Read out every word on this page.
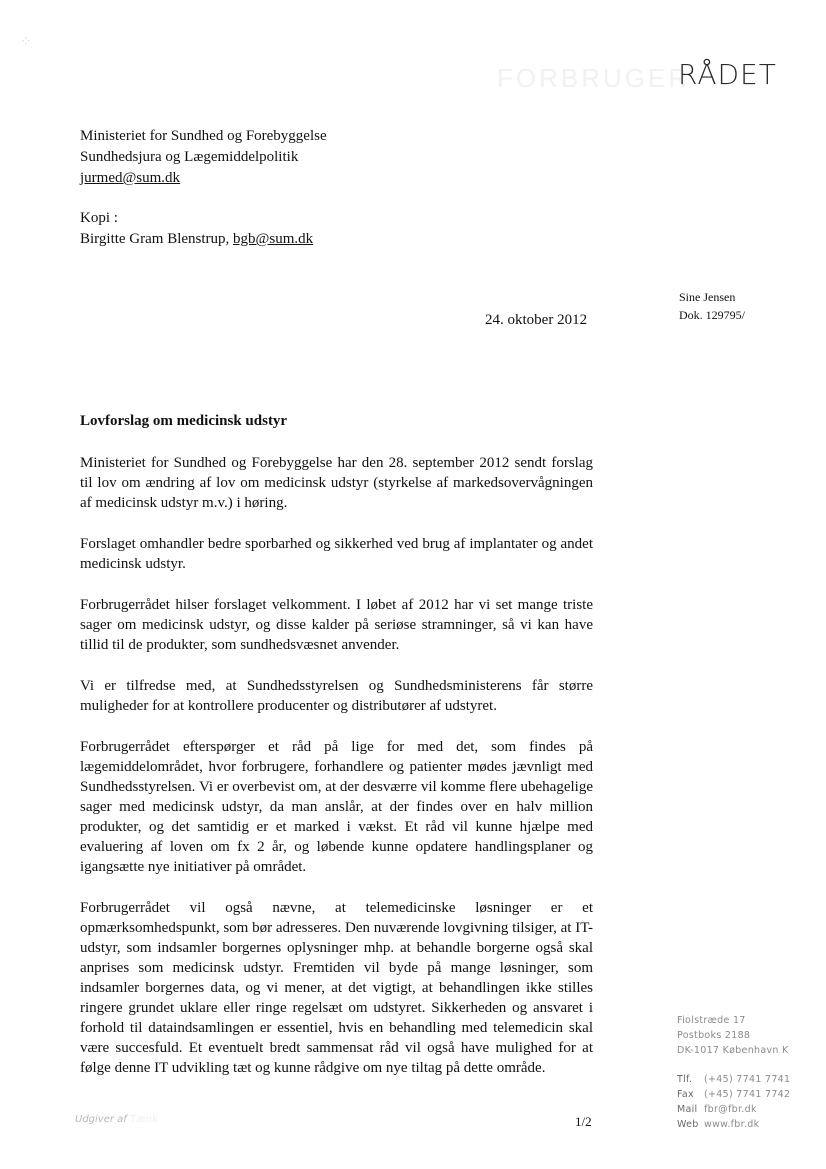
⁘
FORBRUGER
RÅDET
Ministeriet for Sundhed og Forebyggelse
Sundhedsjura og Lægemiddelpolitik
jurmed@sum.dk
Kopi :
Birgitte Gram Blenstrup, bgb@sum.dk
Sine Jensen
Dok. 129795/
24. oktober 2012
Lovforslag om medicinsk udstyr

Ministeriet for Sundhed og Forebyggelse har den 28. september 2012 sendt forslag til lov om ændring af lov om medicinsk udstyr (styrkelse af markedsovervågningen af medicinsk udstyr m.v.) i høring.

Forslaget omhandler bedre sporbarhed og sikkerhed ved brug af implantater og andet medicinsk udstyr.

Forbrugerrådet hilser forslaget velkomment. I løbet af 2012 har vi set mange triste sager om medicinsk udstyr, og disse kalder på seriøse stramninger, så vi kan have tillid til de produkter, som sundhedsvæsnet anvender.

Vi er tilfredse med, at Sundhedsstyrelsen og Sundhedsministerens får større muligheder for at kontrollere producenter og distributører af udstyret.

Forbrugerrådet efterspørger et råd på lige for med det, som findes på lægemiddelområdet, hvor forbrugere, forhandlere og patienter mødes jævnligt med Sundhedsstyrelsen. Vi er overbevist om, at der desværre vil komme flere ubehagelige sager med medicinsk udstyr, da man anslår, at der findes over en halv million produkter, og det samtidig er et marked i vækst. Et råd vil kunne hjælpe med evaluering af loven om fx 2 år, og løbende kunne opdatere handlingsplaner og igangsætte nye initiativer på området.

Forbrugerrådet vil også nævne, at telemedicinske løsninger er et opmærksomhedspunkt, som bør adresseres. Den nuværende lovgivning tilsiger, at IT-udstyr, som indsamler borgernes oplysninger mhp. at behandle borgerne også skal anprises som medicinsk udstyr. Fremtiden vil byde på mange løsninger, som indsamler borgernes data, og vi mener, at det vigtigt, at behandlingen ikke stilles ringere grundet uklare eller ringe regelsæt om udstyret. Sikkerheden og ansvaret i forhold til dataindsamlingen er essentiel, hvis en behandling med telemedicin skal være succesfuld. Et eventuelt bredt sammensat råd vil også have mulighed for at følge denne IT udvikling tæt og kunne rådgive om nye tiltag på dette område.

Fiolstræde 17
Postboks 2188
DK-1017 København K
Tlf.	(+45) 7741 7741
Fax	(+45) 7741 7742
Mail fbr@fbr.dk
Web www.fbr.dk
Udgiver af Tænk	1/2
